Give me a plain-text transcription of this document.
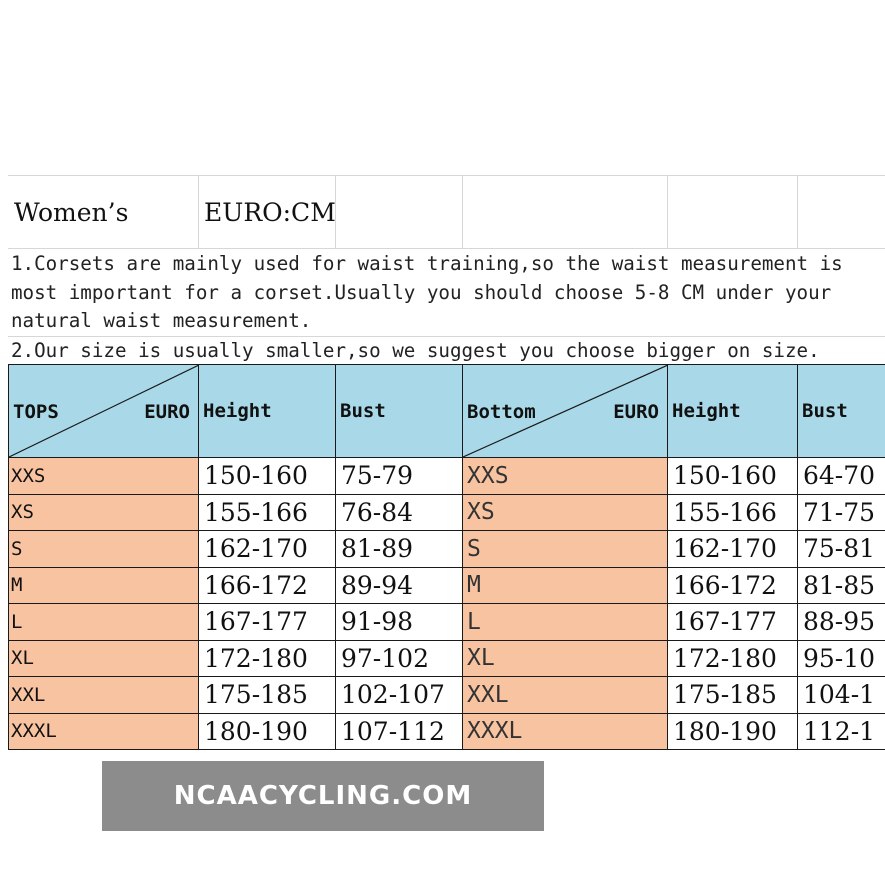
Women’s	EURO:CM
1.Corsets are mainly used for waist training,so the waist measurement is
most important for a corset.Usually you should choose 5-8 CM under your
natural waist measurement.
2.Our size is usually smaller,so we suggest you choose bigger on size.
TOPS EURO	Height	Bust	Bottom EURO	Height	Bust
XXS	150-160	75-79	XXS	150-160	64-70
XS	155-166	76-84	XS	155-166	71-75
S	162-170	81-89	S	162-170	75-81
M	166-172	89-94	M	166-172	81-85
L	167-177	91-98	L	167-177	88-95
XL	172-180	97-102	XL	172-180	95-10
XXL	175-185	102-107	XXL	175-185	104-1
XXXL	180-190	107-112	XXXL	180-190	112-1
NCAACYCLING.COM
